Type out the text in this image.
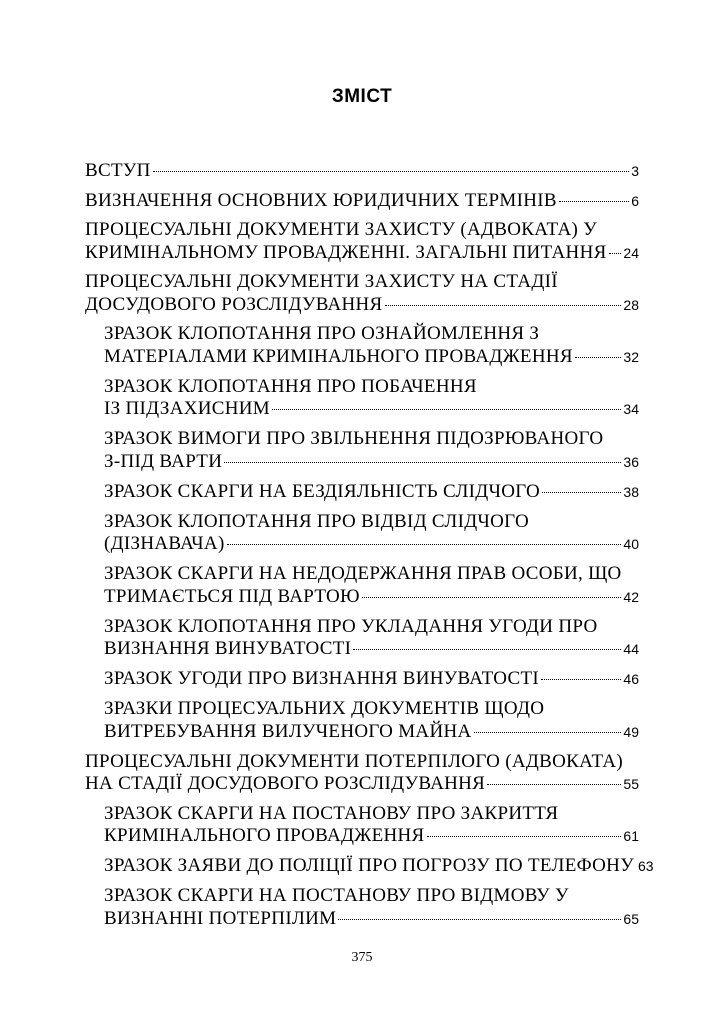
ЗМІСТ
ВСТУП	3
ВИЗНАЧЕННЯ ОСНОВНИХ ЮРИДИЧНИХ ТЕРМІНІВ	6
ПРОЦЕСУАЛЬНІ ДОКУМЕНТИ ЗАХИСТУ (АДВОКАТА) У
КРИМІНАЛЬНОМУ ПРОВАДЖЕННІ. ЗАГАЛЬНІ ПИТАННЯ 24
ПРОЦЕСУАЛЬНІ ДОКУМЕНТИ ЗАХИСТУ НА СТАДІЇ
ДОСУДОВОГО РОЗСЛІДУВАННЯ	28
ЗРАЗОК КЛОПОТАННЯ ПРО ОЗНАЙОМЛЕННЯ З
МАТЕРІАЛАМИ КРИМІНАЛЬНОГО ПРОВАДЖЕННЯ	32
ЗРАЗОК КЛОПОТАННЯ ПРО ПОБАЧЕННЯ
ІЗ ПІДЗАХИСНИМ	34
ЗРАЗОК ВИМОГИ ПРО ЗВІЛЬНЕННЯ ПІДОЗРЮВАНОГО
З-ПІД ВАРТИ	36
ЗРАЗОК СКАРГИ НА БЕЗДІЯЛЬНІСТЬ СЛІДЧОГО	38
ЗРАЗОК КЛОПОТАННЯ ПРО ВІДВІД СЛІДЧОГО
(ДІЗНАВАЧА)	40
ЗРАЗОК СКАРГИ НА НЕДОДЕРЖАННЯ ПРАВ ОСОБИ, ЩО
ТРИМАЄТЬСЯ ПІД ВАРТОЮ	42
ЗРАЗОК КЛОПОТАННЯ ПРО УКЛАДАННЯ УГОДИ ПРО
ВИЗНАННЯ ВИНУВАТОСТІ	44
ЗРАЗОК УГОДИ ПРО ВИЗНАННЯ ВИНУВАТОСТІ	46
ЗРАЗКИ ПРОЦЕСУАЛЬНИХ ДОКУМЕНТІВ ЩОДО
ВИТРЕБУВАННЯ ВИЛУЧЕНОГО МАЙНА	49
ПРОЦЕСУАЛЬНІ ДОКУМЕНТИ ПОТЕРПІЛОГО (АДВОКАТА)
НА СТАДІЇ ДОСУДОВОГО РОЗСЛІДУВАННЯ	55
ЗРАЗОК СКАРГИ НА ПОСТАНОВУ ПРО ЗАКРИТТЯ
КРИМІНАЛЬНОГО ПРОВАДЖЕННЯ	61
ЗРАЗОК ЗАЯВИ ДО ПОЛІЦІЇ ПРО ПОГРОЗУ ПО ТЕЛЕФОНУ 63
ЗРАЗОК СКАРГИ НА ПОСТАНОВУ ПРО ВІДМОВУ У
ВИЗНАННІ ПОТЕРПІЛИМ	65
375
